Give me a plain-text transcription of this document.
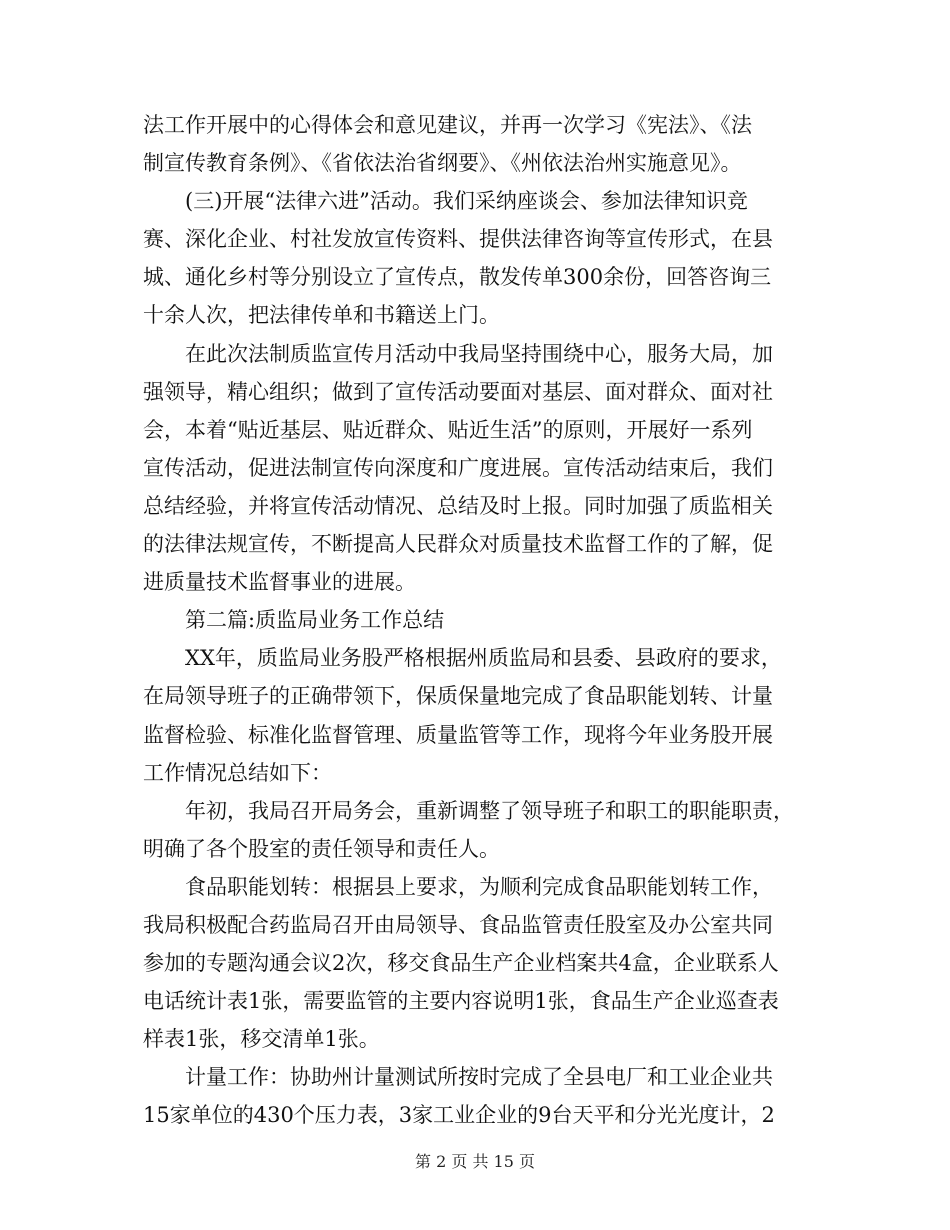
法工作开展中的心得体会和意见建议，并再一次学习《宪法》、《法
制宣传教育条例》、《省依法治省纲要》、《州依法治州实施意见》。
　　(三)开展“法律六进”活动。我们采纳座谈会、参加法律知识竞
赛、深化企业、村社发放宣传资料、提供法律咨询等宣传形式，在县
城、通化乡村等分别设立了宣传点，散发传单300余份，回答咨询三
十余人次，把法律传单和书籍送上门。
　　在此次法制质监宣传月活动中我局坚持围绕中心，服务大局，加
强领导，精心组织；做到了宣传活动要面对基层、面对群众、面对社
会，本着“贴近基层、贴近群众、贴近生活”的原则，开展好一系列
宣传活动，促进法制宣传向深度和广度进展。宣传活动结束后，我们
总结经验，并将宣传活动情况、总结及时上报。同时加强了质监相关
的法律法规宣传，不断提高人民群众对质量技术监督工作的了解，促
进质量技术监督事业的进展。
　　第二篇:质监局业务工作总结
　　XX年，质监局业务股严格根据州质监局和县委、县政府的要求，
在局领导班子的正确带领下，保质保量地完成了食品职能划转、计量
监督检验、标准化监督管理、质量监管等工作，现将今年业务股开展
工作情况总结如下：
　　年初，我局召开局务会，重新调整了领导班子和职工的职能职责，
明确了各个股室的责任领导和责任人。
　　食品职能划转：根据县上要求，为顺利完成食品职能划转工作，
我局积极配合药监局召开由局领导、食品监管责任股室及办公室共同
参加的专题沟通会议2次，移交食品生产企业档案共4盒，企业联系人
电话统计表1张，需要监管的主要内容说明1张，食品生产企业巡查表
样表1张，移交清单1张。
　　计量工作：协助州计量测试所按时完成了全县电厂和工业企业共
15家单位的430个压力表，3家工业企业的9台天平和分光光度计，2
第 2 页 共 15 页
